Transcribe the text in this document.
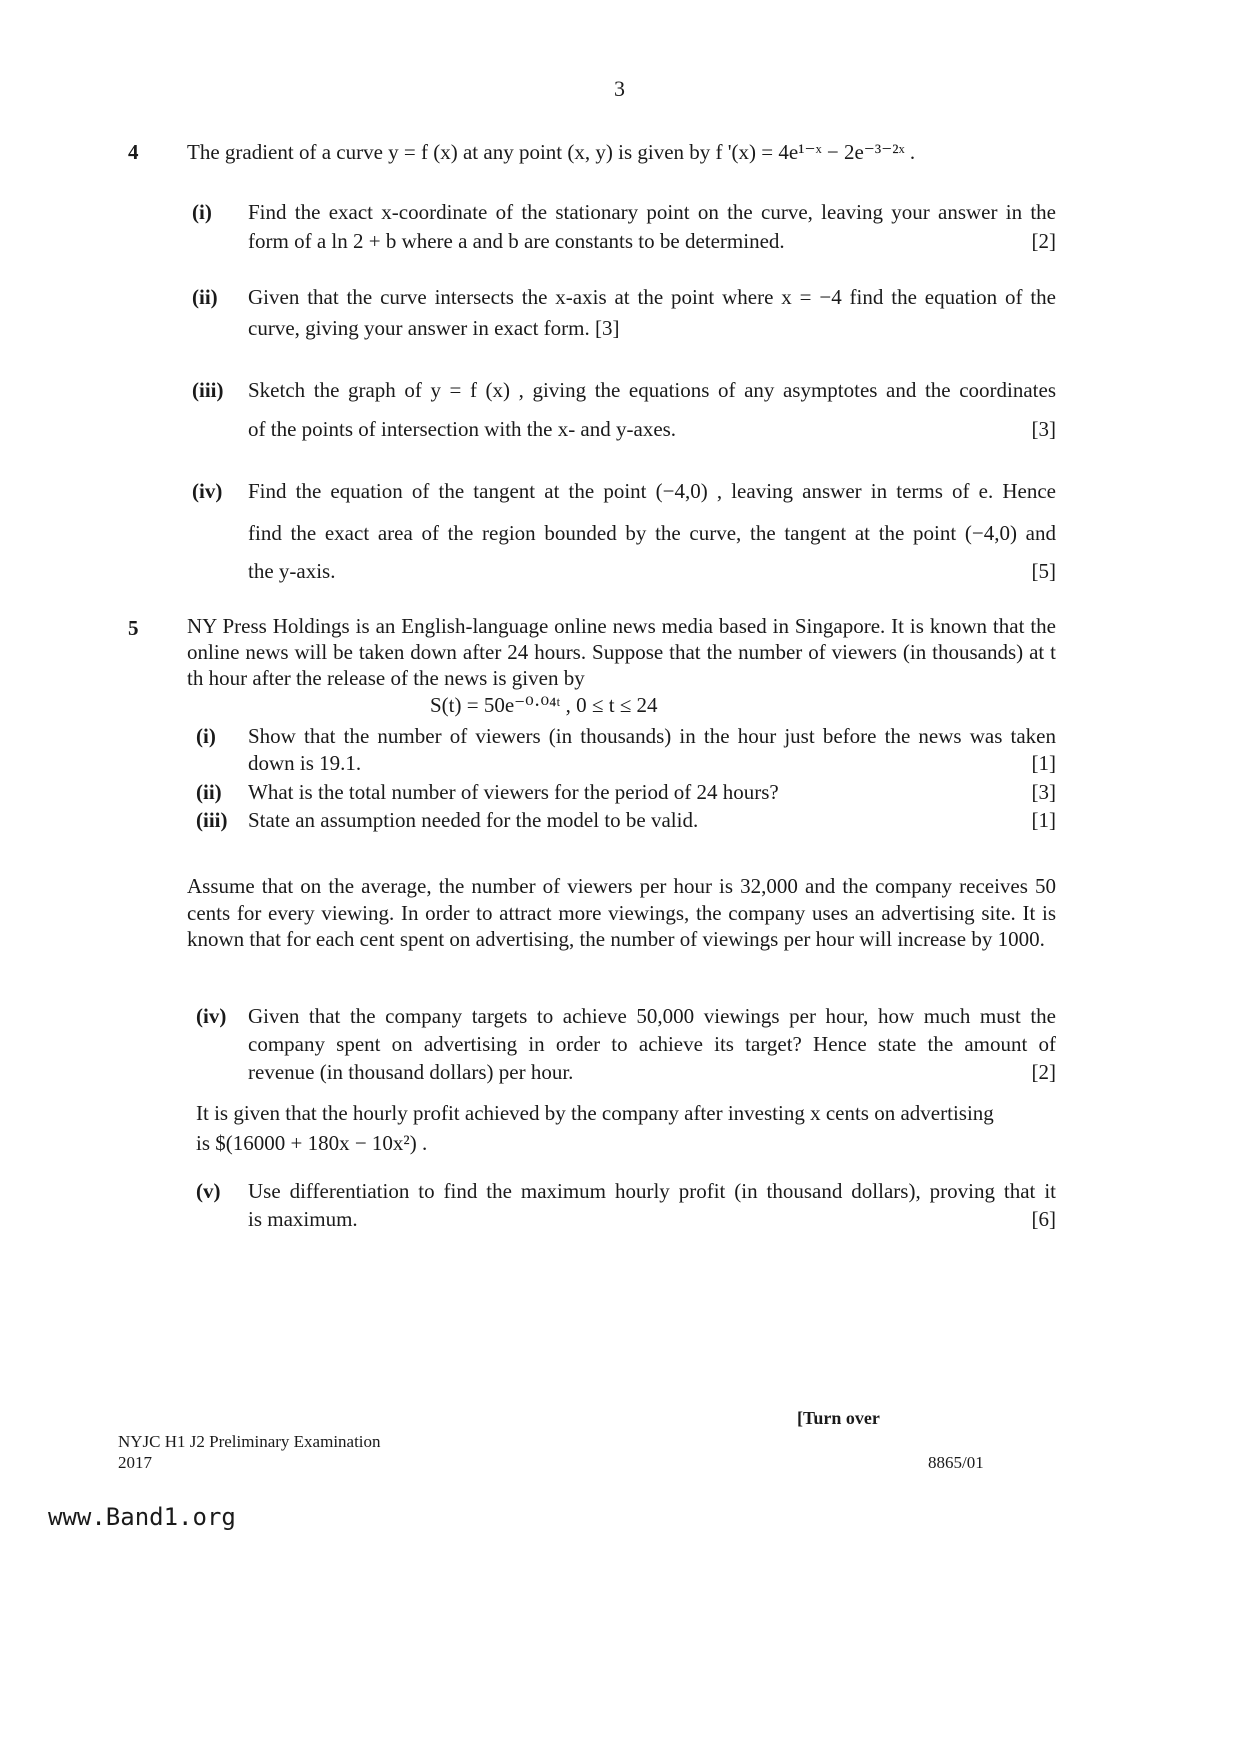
3
4 The gradient of a curve y = f (x) at any point (x, y) is given by f '(x) = 4e¹⁻ˣ − 2e⁻³⁻²ˣ .
(i) Find the exact x-coordinate of the stationary point on the curve, leaving your answer in the
form of a ln 2 + b where a and b are constants to be determined.	[2]
(ii) Given that the curve intersects the x-axis at the point where x = −4 find the equation of the
curve, giving your answer in exact form. [3]
(iii) Sketch the graph of y = f (x) , giving the equations of any asymptotes and the coordinates
of the points of intersection with the x- and y-axes.	[3]
(iv) Find the equation of the tangent at the point (−4,0) , leaving answer in terms of e. Hence
find the exact area of the region bounded by the curve, the tangent at the point (−4,0) and
the y-axis.	[5]
5 NY Press Holdings is an English-language online news media based in Singapore. It is known that the online news will be taken down after 24 hours. Suppose that the number of viewers (in thousands) at t th hour after the release of the news is given by
S(t) = 50e⁻⁰·⁰⁴ᵗ , 0 ≤ t ≤ 24
(i) Show that the number of viewers (in thousands) in the hour just before the news was taken
down is 19.1.	[1]
(ii) What is the total number of viewers for the period of 24 hours?	[3]
(iii) State an assumption needed for the model to be valid.	[1]
Assume that on the average, the number of viewers per hour is 32,000 and the company receives 50 cents for every viewing. In order to attract more viewings, the company uses an advertising site. It is known that for each cent spent on advertising, the number of viewings per hour will increase by 1000.
(iv) Given that the company targets to achieve 50,000 viewings per hour, how much must the
company spent on advertising in order to achieve its target? Hence state the amount of
revenue (in thousand dollars) per hour.	[2]
It is given that the hourly profit achieved by the company after investing x cents on advertising
is $(16000 + 180x − 10x²) .
(v) Use differentiation to find the maximum hourly profit (in thousand dollars), proving that it
is maximum.	[6]
[Turn over
NYJC H1 J2 Preliminary Examination
2017	8865/01
www.Band1.org
